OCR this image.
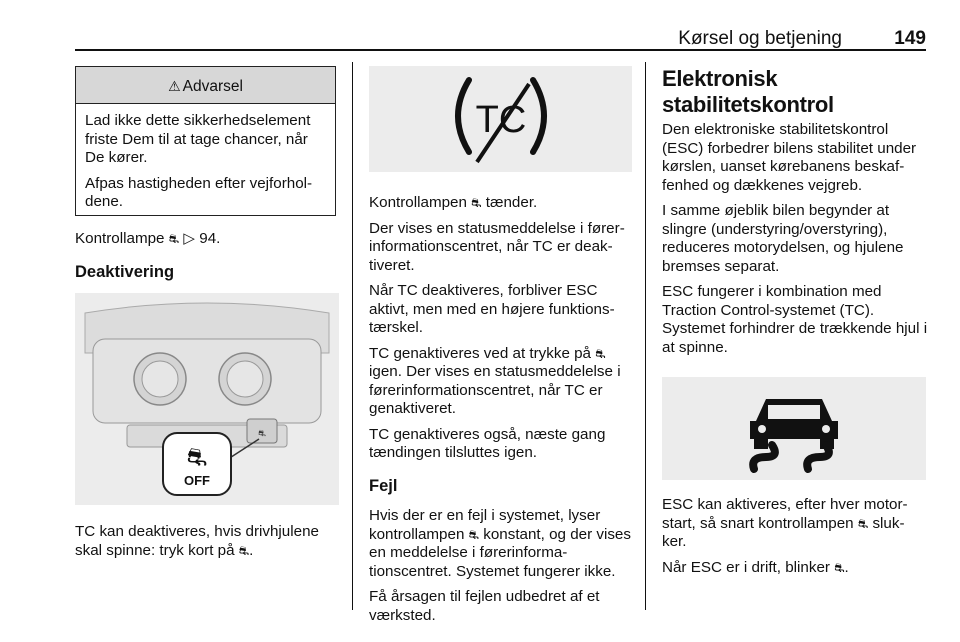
Kørsel og betjening	149
⚠ Advarsel

Lad ikke dette sikkerhedselement friste Dem til at tage chancer, når De kører.

Afpas hastigheden efter vejforhol-dene.

Kontrollampe ⛐ ▷ 94.

Deaktivering

⛐
⛐
OFF

TC kan deaktiveres, hvis drivhjulene skal spinne: tryk kort på ⛐.

TC

Kontrollampen ⛐ tænder.

Der vises en statusmeddelelse i fører-informationscentret, når TC er deak-tiveret.

Når TC deaktiveres, forbliver ESC aktivt, men med en højere funktions-tærskel.

TC genaktiveres ved at trykke på ⛐ igen. Der vises en statusmeddelelse i førerinformationscentret, når TC er genaktiveret.

TC genaktiveres også, næste gang tændingen tilsluttes igen.

Fejl

Hvis der er en fejl i systemet, lyser kontrollampen ⛐ konstant, og der vises en meddelelse i førerinforma-tionscentret. Systemet fungerer ikke.

Få årsagen til fejlen udbedret af et værksted.

Elektronisk stabilitetskontrol

Den elektroniske stabilitetskontrol (ESC) forbedrer bilens stabilitet under kørslen, uanset kørebanens beskaf-fenhed og dækkenes vejgreb.

I samme øjeblik bilen begynder at slingre (understyring/overstyring), reduceres motorydelsen, og hjulene bremses separat.

ESC fungerer i kombination med Traction Control-systemet (TC). Systemet forhindrer de trækkende hjul i at spinne.

ESC kan aktiveres, efter hver motor-start, så snart kontrollampen ⛐ sluk-ker.

Når ESC er i drift, blinker ⛐.
